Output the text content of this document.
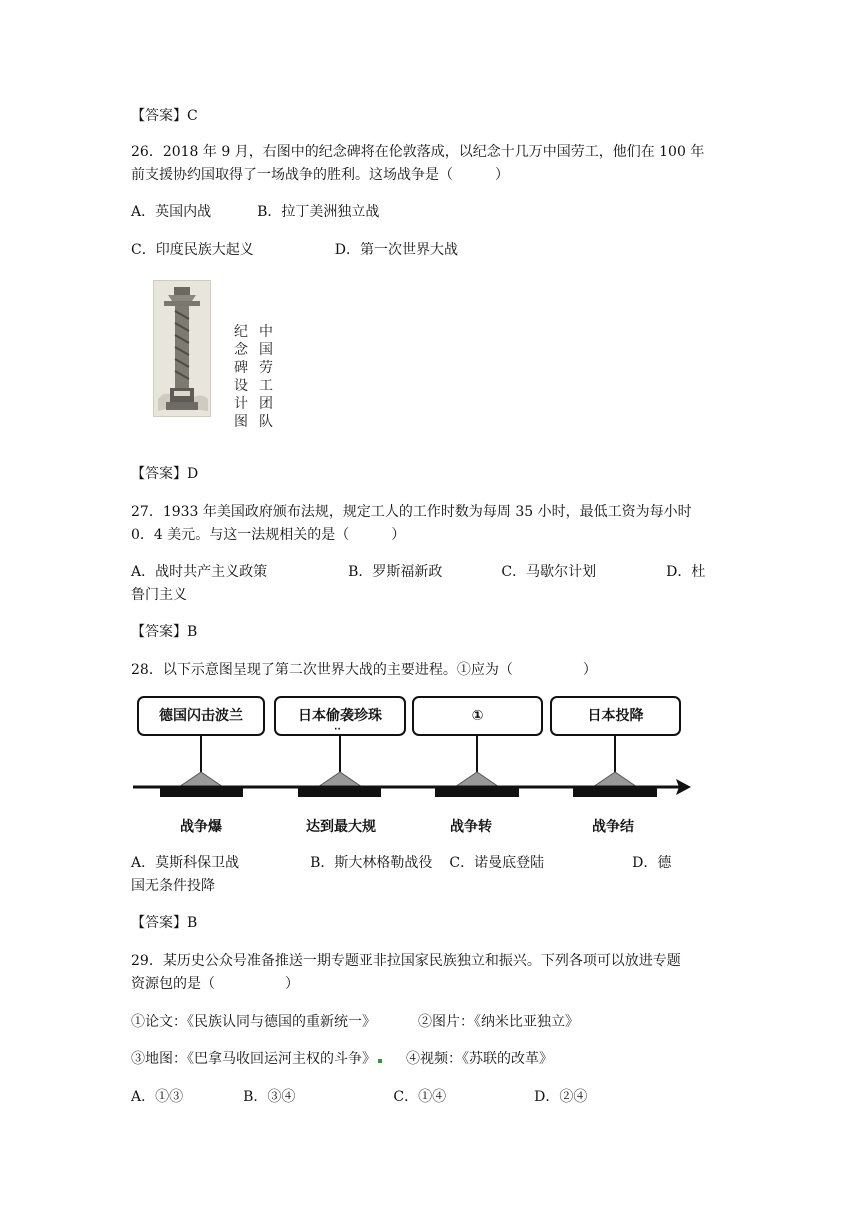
【答案】C
26．2018 年 9 月，右图中的纪念碑将在伦敦落成，以纪念十几万中国劳工，他们在 100 年
前支援协约国取得了一场战争的胜利。这场战争是（　　　）
A．英国内战	B．拉丁美洲独立战
C．印度民族大起义	D．第一次世界大战
纪念碑设计图
中国劳工团队
【答案】D
27．1933 年美国政府颁布法规，规定工人的工作时数为每周 35 小时，最低工资为每小时
0．4 美元。与这一法规相关的是（　　　）
A．战时共产主义政策	B．罗斯福新政	C．马歇尔计划	D．杜
鲁门主义
【答案】B
28．以下示意图呈现了第二次世界大战的主要进程。①应为（　　　　　）
德国闪击波兰	日本偷袭珍珠
··
①	日本投降
战争爆	达到最大规	战争转	战争结
A．莫斯科保卫战	B．斯大林格勒战役 C．诺曼底登陆	D．德
国无条件投降
【答案】B
29．某历史公众号准备推送一期专题亚非拉国家民族独立和振兴。下列各项可以放进专题
资源包的是（　　　　　）
①论文：《民族认同与德国的重新统一》	②图片：《纳米比亚独立》
③地图：《巴拿马收回运河主权的斗争》 ④视频：《苏联的改革》
A．①③	B．③④	C．①④	D．②④
